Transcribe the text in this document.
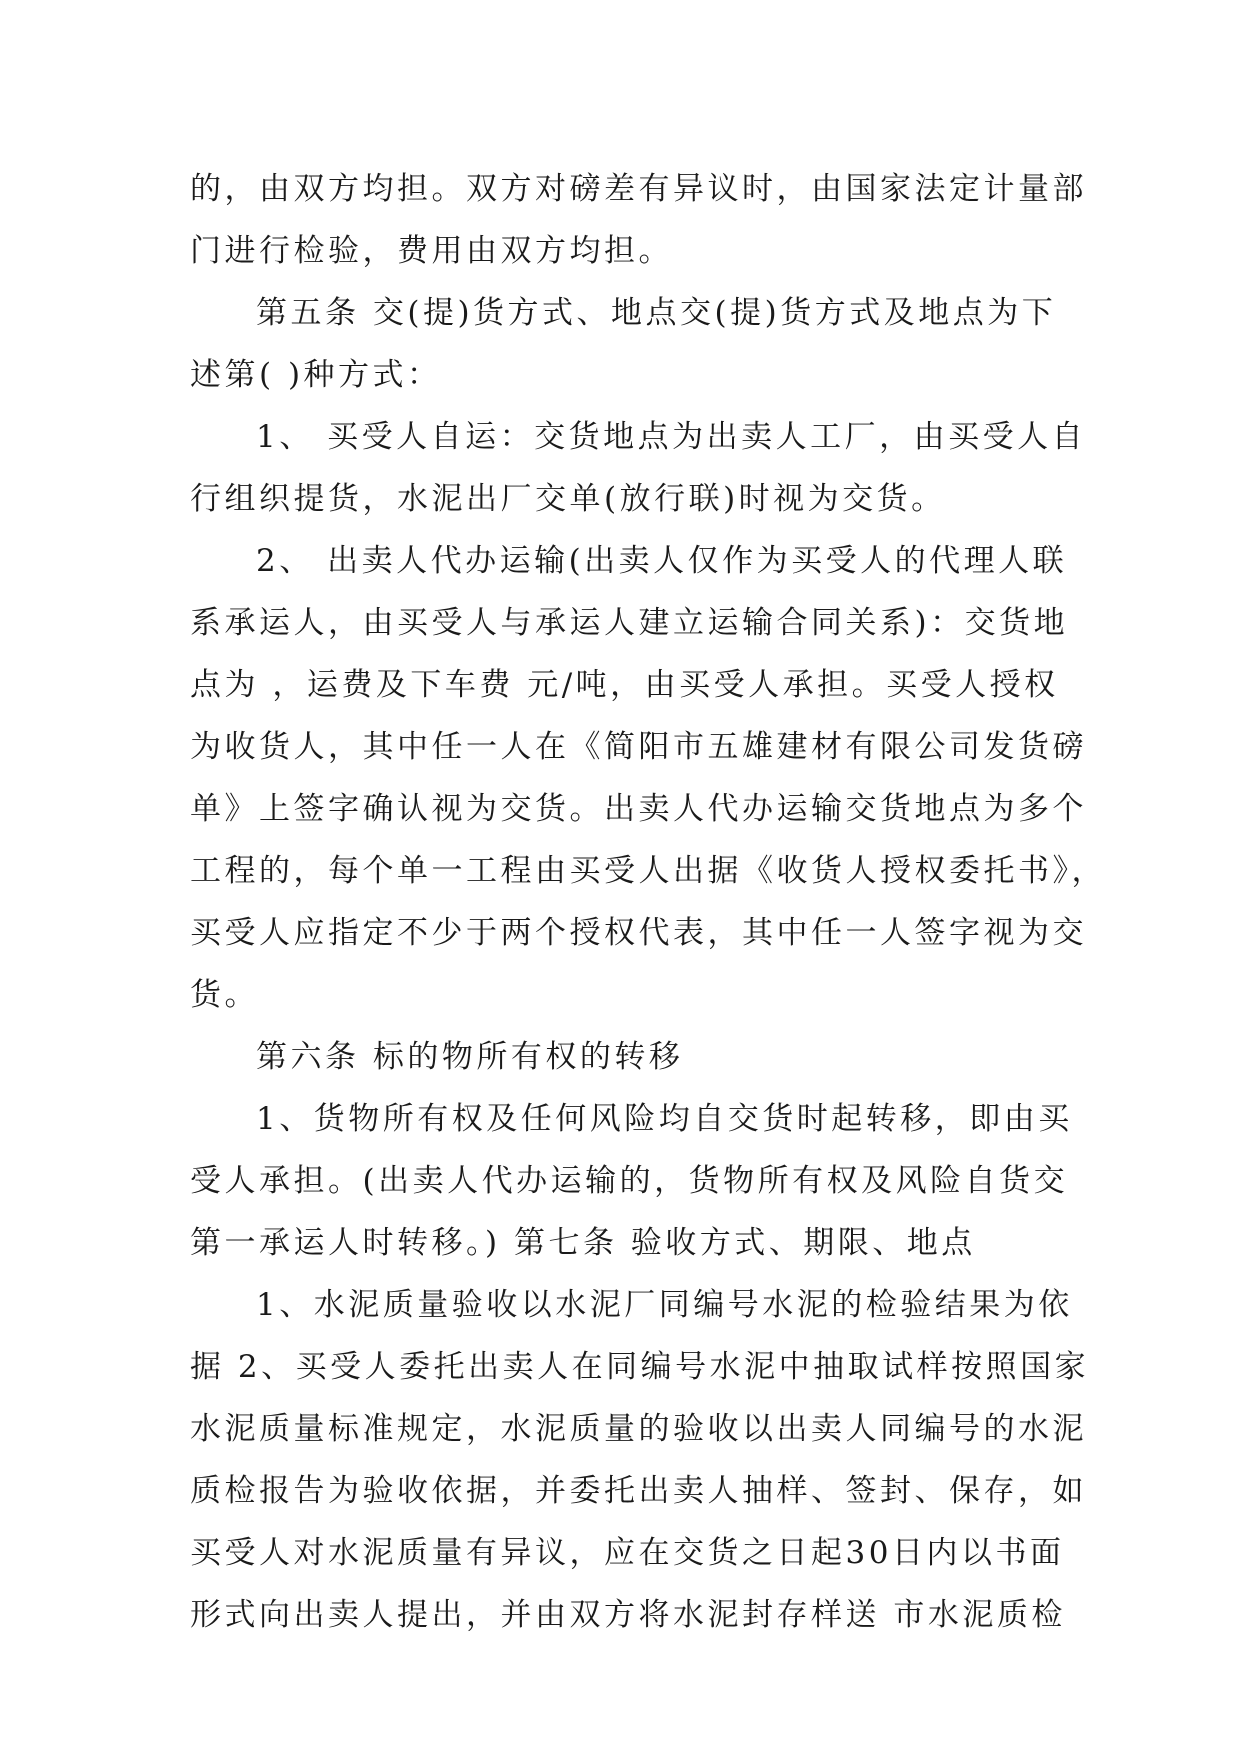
的，由双方均担。双方对磅差有异议时，由国家法定计量部
门进行检验，费用由双方均担。
第五条 交(提)货方式、地点交(提)货方式及地点为下
述第( )种方式：
1、 买受人自运：交货地点为出卖人工厂，由买受人自
行组织提货，水泥出厂交单(放行联)时视为交货。
2、 出卖人代办运输(出卖人仅作为买受人的代理人联
系承运人，由买受人与承运人建立运输合同关系)：交货地
点为 ，运费及下车费 元/吨，由买受人承担。买受人授权
为收货人，其中任一人在《简阳市五雄建材有限公司发货磅
单》上签字确认视为交货。出卖人代办运输交货地点为多个
工程的，每个单一工程由买受人出据《收货人授权委托书》，
买受人应指定不少于两个授权代表，其中任一人签字视为交
货。
第六条 标的物所有权的转移
1、货物所有权及任何风险均自交货时起转移，即由买
受人承担。(出卖人代办运输的，货物所有权及风险自货交
第一承运人时转移。) 第七条 验收方式、期限、地点
1、水泥质量验收以水泥厂同编号水泥的检验结果为依
据 2、买受人委托出卖人在同编号水泥中抽取试样按照国家
水泥质量标准规定，水泥质量的验收以出卖人同编号的水泥
质检报告为验收依据，并委托出卖人抽样、签封、保存，如
买受人对水泥质量有异议，应在交货之日起30日内以书面
形式向出卖人提出，并由双方将水泥封存样送 市水泥质检
